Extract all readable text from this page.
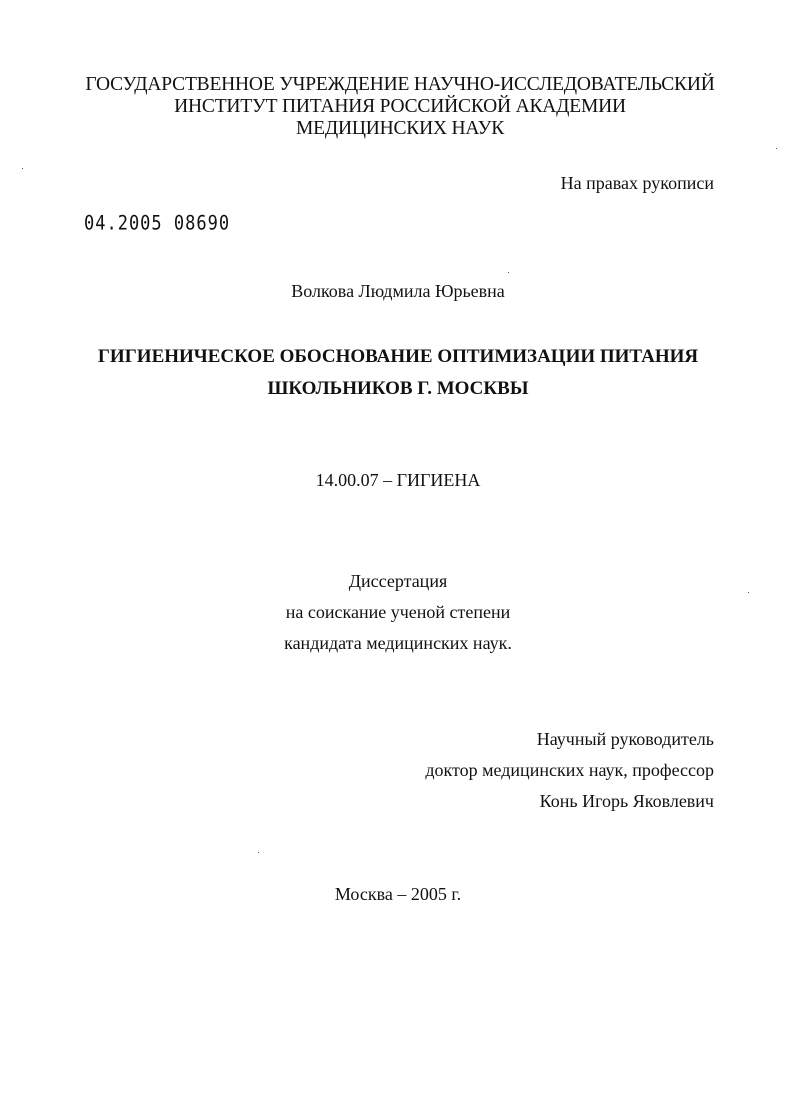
ГОСУДАРСТВЕННОЕ УЧРЕЖДЕНИЕ НАУЧНО-ИССЛЕДОВАТЕЛЬСКИЙ
ИНСТИТУТ ПИТАНИЯ РОССИЙСКОЙ АКАДЕМИИ
МЕДИЦИНСКИХ НАУК
На правах рукописи
04.2005 08690
Волкова Людмила Юрьевна
ГИГИЕНИЧЕСКОЕ ОБОСНОВАНИЕ ОПТИМИЗАЦИИ ПИТАНИЯ
ШКОЛЬНИКОВ Г. МОСКВЫ
14.00.07 – ГИГИЕНА
Диссертация
на соискание ученой степени
кандидата медицинских наук.
Научный руководитель
доктор медицинских наук, профессор
Конь Игорь Яковлевич
Москва – 2005 г.
